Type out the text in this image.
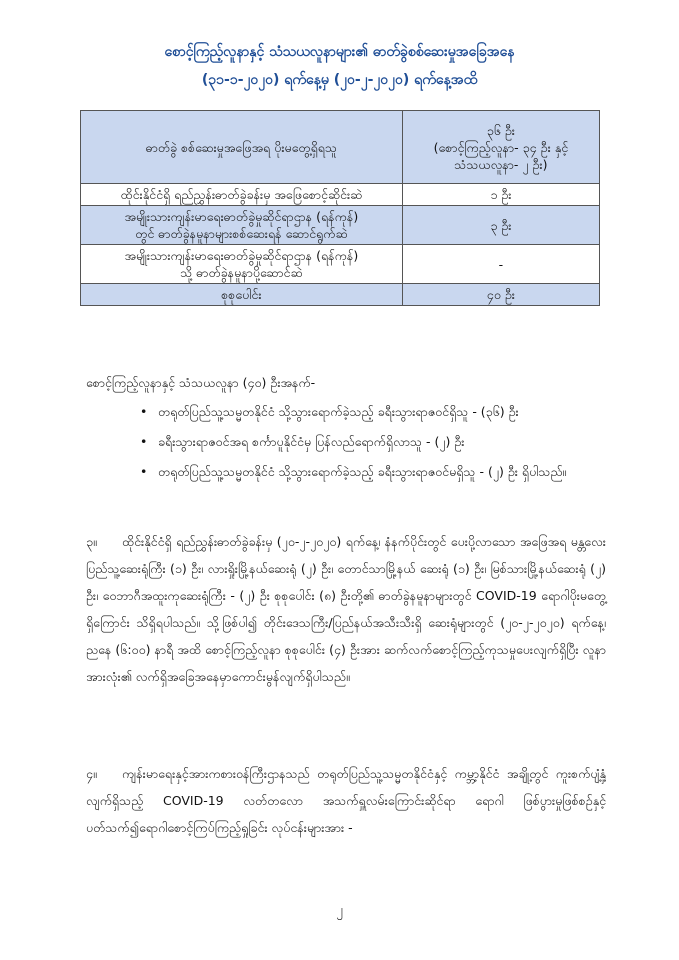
စောင့်ကြည့်လူနာနှင့် သံသယလူနာများ၏ ဓာတ်ခွဲစစ်ဆေးမှုအခြေအနေ
(၃၁-၁-၂၀၂၀) ရက်နေ့မှ (၂၀-၂-၂၀၂၀) ရက်နေ့အထိ
ဓာတ်ခွဲ စစ်ဆေးမှုအဖြေအရ ပိုးမတွေ့ရှိရသူ	၃၆ ဦး
(စောင့်ကြည့်လူနာ- ၃၄ ဦး နှင့်
သံသယလူနာ- ၂ ဦး)
ထိုင်းနိုင်ငံရှိ ရည်ညွှန်းဓာတ်ခွဲခန်းမှ အဖြေစောင့်ဆိုင်းဆဲ	၁ ဦး
အမျိုးသားကျန်းမာရေးဓာတ်ခွဲမှုဆိုင်ရာဌာန (ရန်ကုန်)
တွင် ဓာတ်ခွဲနမူနာများစစ်ဆေးရန် ဆောင်ရွက်ဆဲ	၃ ဦး
အမျိုးသားကျန်းမာရေးဓာတ်ခွဲမှုဆိုင်ရာဌာန (ရန်ကုန်)
သို့ ဓာတ်ခွဲနမူနာပို့ဆောင်ဆဲ	-
စုစုပေါင်း	၄၀ ဦး
စောင့်ကြည့်လူနာနှင့် သံသယလူနာ (၄၀) ဦးအနက်-
• တရုတ်ပြည်သူ့သမ္မတနိုင်ငံ သို့သွားရောက်ခဲ့သည့် ခရီးသွားရာဇဝင်ရှိသူ - (၃၆) ဦး
• ခရီးသွားရာဇဝင်အရ စင်္ကာပူနိုင်ငံမှ ပြန်လည်ရောက်ရှိလာသူ - (၂) ဦး
• တရုတ်ပြည်သူ့သမ္မတနိုင်ငံ သို့သွားရောက်ခဲ့သည့် ခရီးသွားရာဇဝင်မရှိသူ - (၂) ဦး ရှိပါသည်။
၃။ ထိုင်းနိုင်ငံရှိ ရည်ညွှန်းဓာတ်ခွဲခန်းမှ (၂၀-၂-၂၀၂၀) ရက်နေ့၊ နံနက်ပိုင်းတွင် ပေးပို့လာသော အဖြေအရ မန္တလေးပြည်သူ့ဆေးရုံကြီး (၁) ဦး၊ လားရှိုးမြို့နယ်ဆေးရုံ (၂) ဦး၊ တောင်သာမြို့နယ် ဆေးရုံ (၁) ဦး၊ မြစ်သားမြို့နယ်ဆေးရုံ (၂) ဦး၊ ဝေဘာဂီအထူးကုဆေးရုံကြီး - (၂) ဦး စုစုပေါင်း (၈) ဦးတို့၏ ဓာတ်ခွဲနမူနာများတွင် COVID-19 ရောဂါပိုးမတွေ့ရှိကြောင်း သိရှိရပါသည်။ သို့ဖြစ်ပါ၍ တိုင်းဒေသကြီး/ပြည်နယ်အသီးသီးရှိ ဆေးရုံများတွင် (၂၀-၂-၂၀၂၀) ရက်နေ့၊ ညနေ (၆:၀၀) နာရီ အထိ စောင့်ကြည့်လူနာ စုစုပေါင်း (၄) ဦးအား ဆက်လက်စောင့်ကြည့်ကုသမှုပေးလျက်ရှိပြီး လူနာ အားလုံး၏ လက်ရှိအခြေအနေမှာကောင်းမွန်လျက်ရှိပါသည်။
၄။ ကျန်းမာရေးနှင့်အားကစားဝန်ကြီးဌာနသည် တရုတ်ပြည်သူ့သမ္မတနိုင်ငံနှင့် ကမ္ဘာ့နိုင်ငံ အချို့တွင် ကူးစက်ပျံ့နှံ့လျက်ရှိသည့် COVID-19 လတ်တလော အသက်ရှူလမ်းကြောင်းဆိုင်ရာ ရောဂါ ဖြစ်ပွားမှုဖြစ်စဉ်နှင့်ပတ်သက်၍ရောဂါစောင့်ကြပ်ကြည့်ရှုခြင်း လုပ်ငန်းများအား -
၂
